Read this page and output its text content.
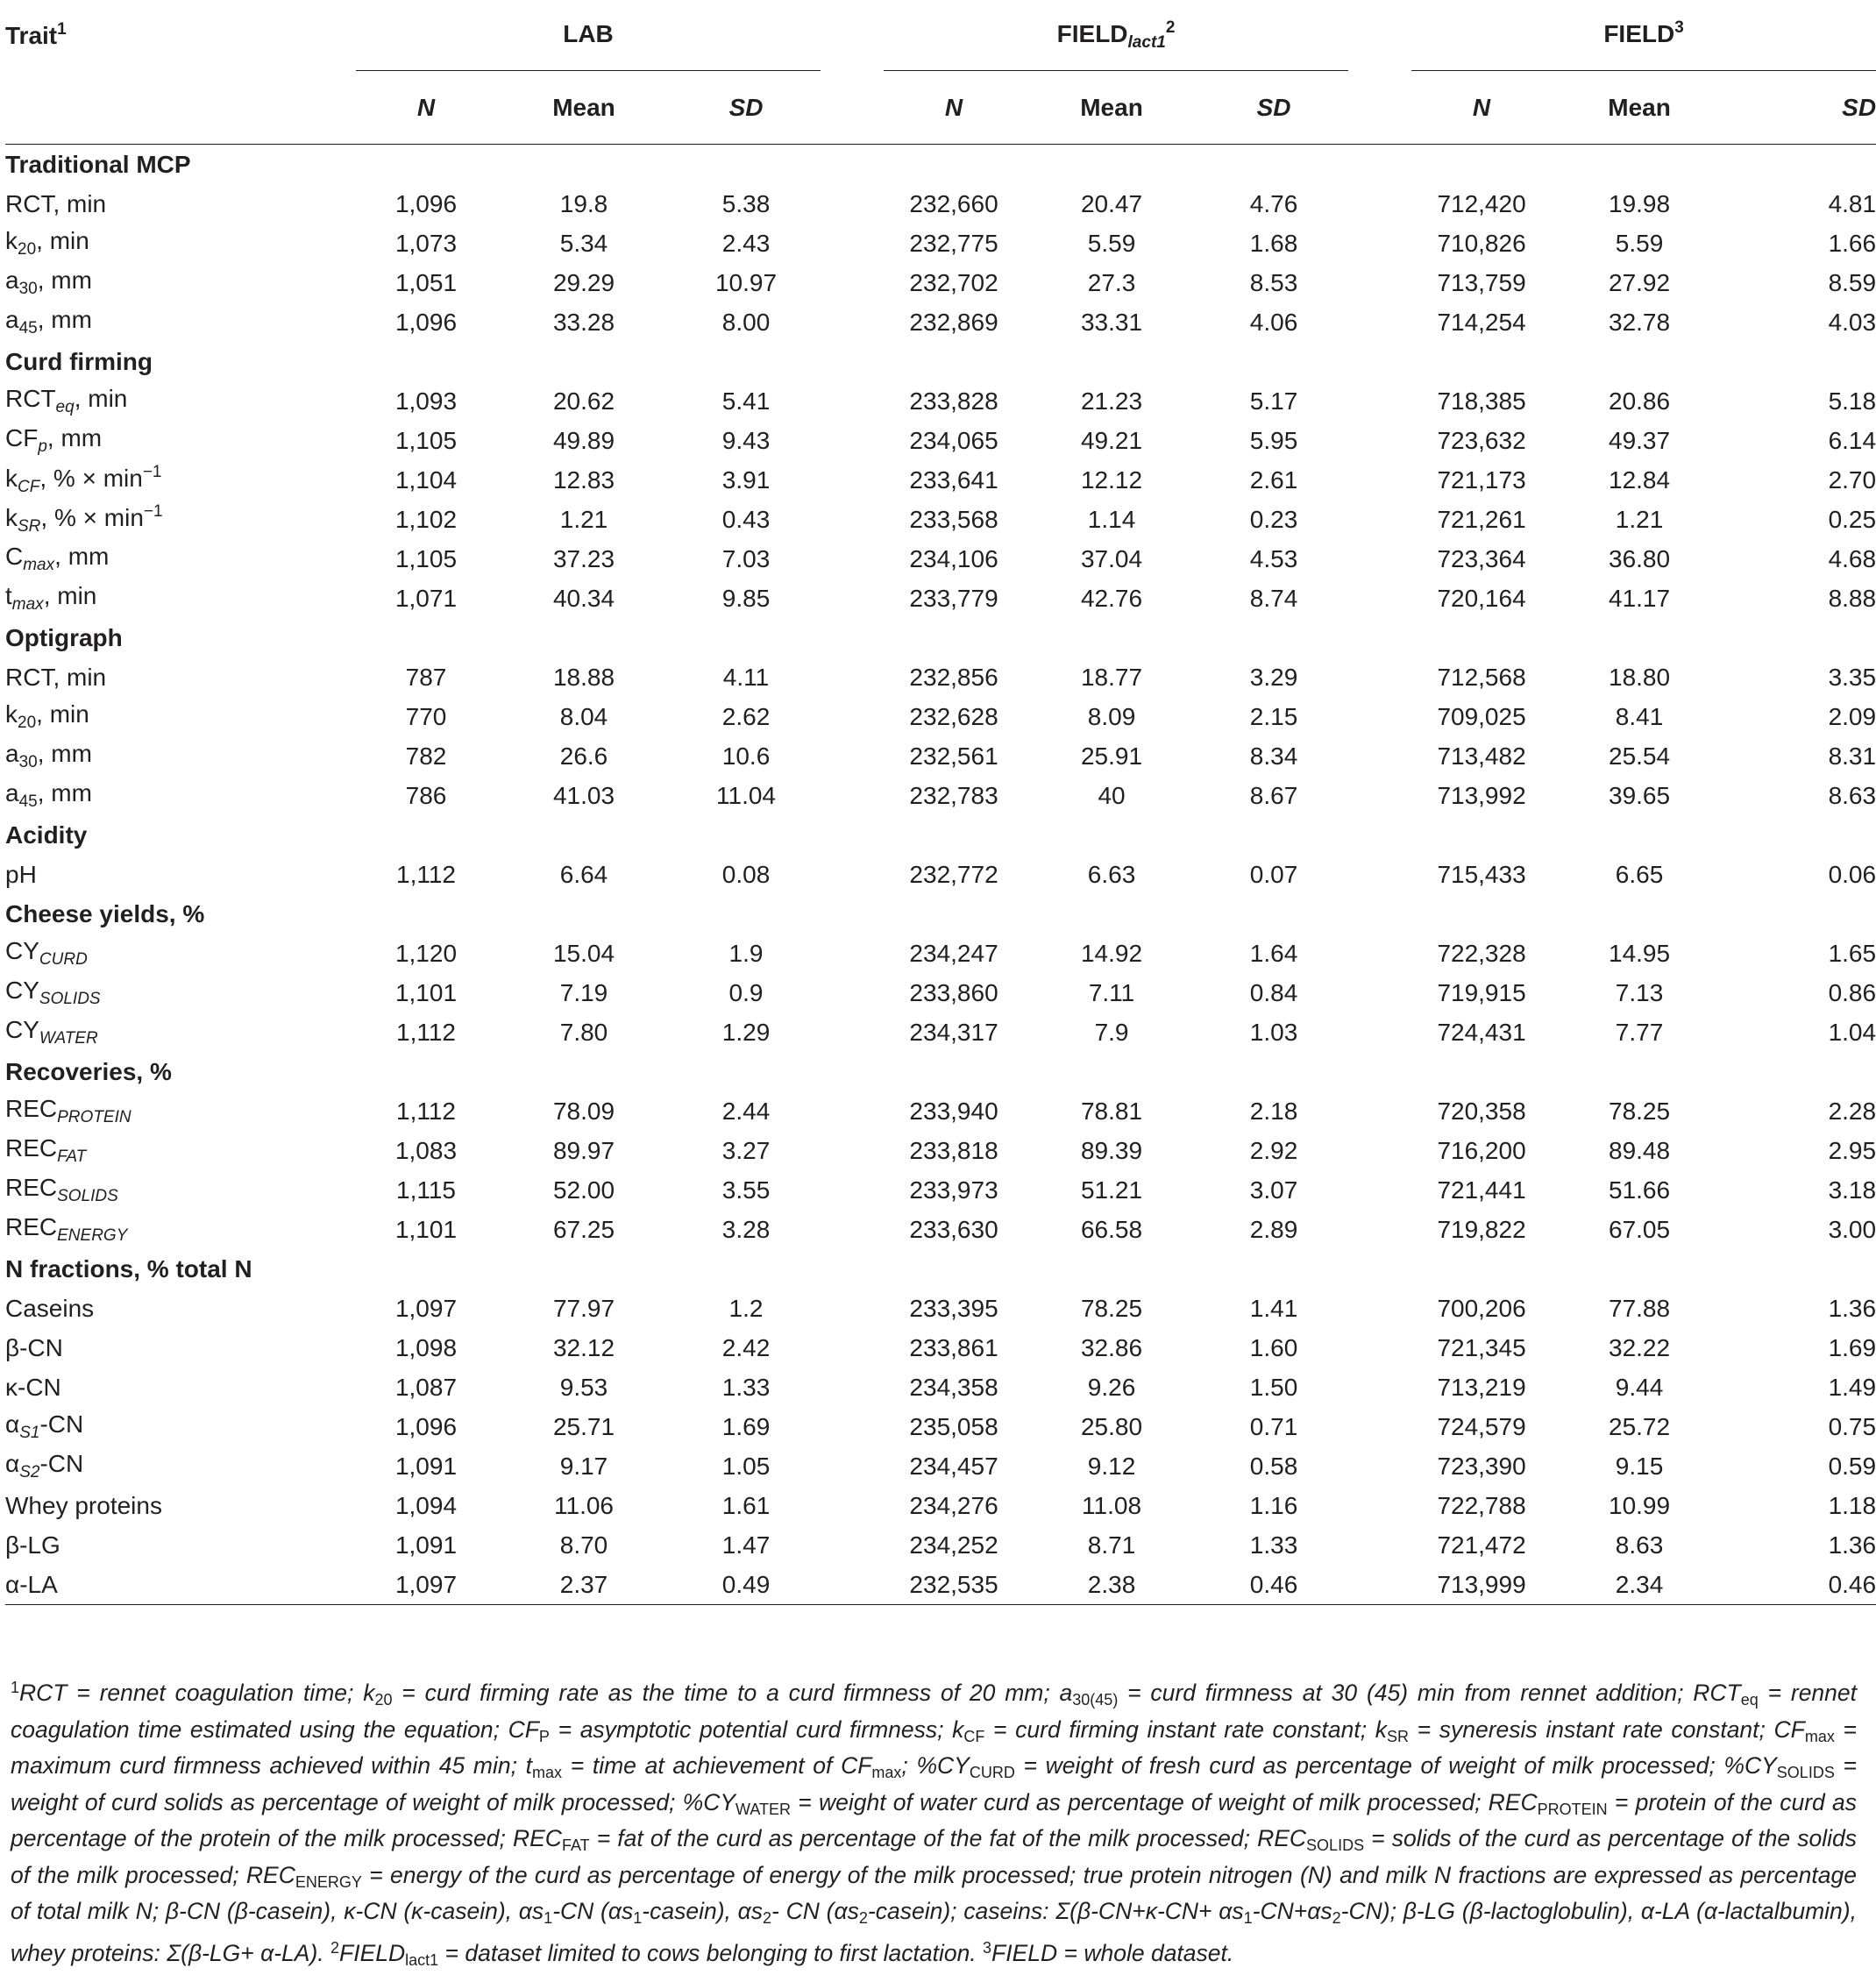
Trait$^1$	LAB				$FIELD_{lact1}^2$				FIELD$^3$
	N	Mean	SD		N	Mean	SD		N	Mean	SD
Traditional MCP											
RCT, min	1,096	19.8	5.38		232,660	20.47	4.76		712,420	19.98	4.81
$k_{20}$, min	1,073	5.34	2.43		232,775	5.59	1.68		710,826	5.59	1.66
$a_{30}$, mm	1,051	29.29	10.97		232,702	27.3	8.53		713,759	27.92	8.59
$a_{45}$, mm	1,096	33.28	8.00		232,869	33.31	4.06		714,254	32.78	4.03
Curd firming											
$RCT_{eq}$, min	1,093	20.62	5.41		233,828	21.23	5.17		718,385	20.86	5.18
$CF_p$, mm	1,105	49.89	9.43		234,065	49.21	5.95		723,632	49.37	6.14
$k_{CF}$, % × $\min^{-1}$	1,104	12.83	3.91		233,641	12.12	2.61		721,173	12.84	2.70
$k_{SR}$, % × $\min^{-1}$	1,102	1.21	0.43		233,568	1.14	0.23		721,261	1.21	0.25
$C_{max}$, mm	1,105	37.23	7.03		234,106	37.04	4.53		723,364	36.80	4.68
$t_{max}$, min	1,071	40.34	9.85		233,779	42.76	8.74		720,164	41.17	8.88
Optigraph											
RCT, min	787	18.88	4.11		232,856	18.77	3.29		712,568	18.80	3.35
$k_{20}$, min	770	8.04	2.62		232,628	8.09	2.15		709,025	8.41	2.09
$a_{30}$, mm	782	26.6	10.6		232,561	25.91	8.34		713,482	25.54	8.31
$a_{45}$, mm	786	41.03	11.04		232,783	40	8.67		713,992	39.65	8.63
Acidity											
pH	1,112	6.64	0.08		232,772	6.63	0.07		715,433	6.65	0.06
Cheese yields, %											
$CY_{CURD}$	1,120	15.04	1.9		234,247	14.92	1.64		722,328	14.95	1.65
$CY_{SOLIDS}$	1,101	7.19	0.9		233,860	7.11	0.84		719,915	7.13	0.86
$CY_{WATER}$	1,112	7.80	1.29		234,317	7.9	1.03		724,431	7.77	1.04
Recoveries, %											
$REC_{PROTEIN}$	1,112	78.09	2.44		233,940	78.81	2.18		720,358	78.25	2.28
$REC_{FAT}$	1,083	89.97	3.27		233,818	89.39	2.92		716,200	89.48	2.95
$REC_{SOLIDS}$	1,115	52.00	3.55		233,973	51.21	3.07		721,441	51.66	3.18
$REC_{ENERGY}$	1,101	67.25	3.28		233,630	66.58	2.89		719,822	67.05	3.00
N fractions, % total N											
Caseins	1,097	77.97	1.2		233,395	78.25	1.41		700,206	77.88	1.36
β-CN	1,098	32.12	2.42		233,861	32.86	1.60		721,345	32.22	1.69
κ-CN	1,087	9.53	1.33		234,358	9.26	1.50		713,219	9.44	1.49
$\alpha_{S1}-CN$	1,096	25.71	1.69		235,058	25.80	0.71		724,579	25.72	0.75
$\alpha_{S2}-CN$	1,091	9.17	1.05		234,457	9.12	0.58		723,390	9.15	0.59
Whey proteins	1,094	11.06	1.61		234,276	11.08	1.16		722,788	10.99	1.18
β-LG	1,091	8.70	1.47		234,252	8.71	1.33		721,472	8.63	1.36
α-LA	1,097	2.37	0.49		232,535	2.38	0.46		713,999	2.34	0.46
$^1$RCT = rennet coagulation time; k20 = curd firming rate as the time to a curd firmness of 20 mm; a30(45) = curd firmness at 30 (45) min from rennet addition; RCTeq = rennet coagulation time estimated using the equation; CFP = asymptotic potential curd firmness; kCF = curd firming instant rate constant; kSR = syneresis instant rate constant; CFmax = maximum curd firmness achieved within 45 min; tmax = time at achievement of CFmax; %CYCURD = weight of fresh curd as percentage of weight of milk processed; %CYSOLIDS = weight of curd solids as percentage of weight of milk processed; %CYWATER = weight of water curd as percentage of weight of milk processed; RECPROTEIN = protein of the curd as percentage of the protein of the milk processed; RECFAT = fat of the curd as percentage of the fat of the milk processed; RECSOLIDS = solids of the curd as percentage of the solids of the milk processed; RECENERGY = energy of the curd as percentage of energy of the milk processed; true protein nitrogen (N) and milk N fractions are expressed as percentage of total milk N; β-CN (β-casein), κ-CN (κ-casein), αs1-CN (αs1-casein), αs2- CN (αs2-casein); caseins: Σ(β-CN+κ-CN+ αs1-CN+αs2-CN); β-LG (β-lactoglobulin), α-LA (α-lactalbumin), whey proteins: Σ(β-LG+ α-LA). $^2$FIELDlact1 = dataset limited to cows belonging to first lactation. $^3$FIELD = whole dataset.
